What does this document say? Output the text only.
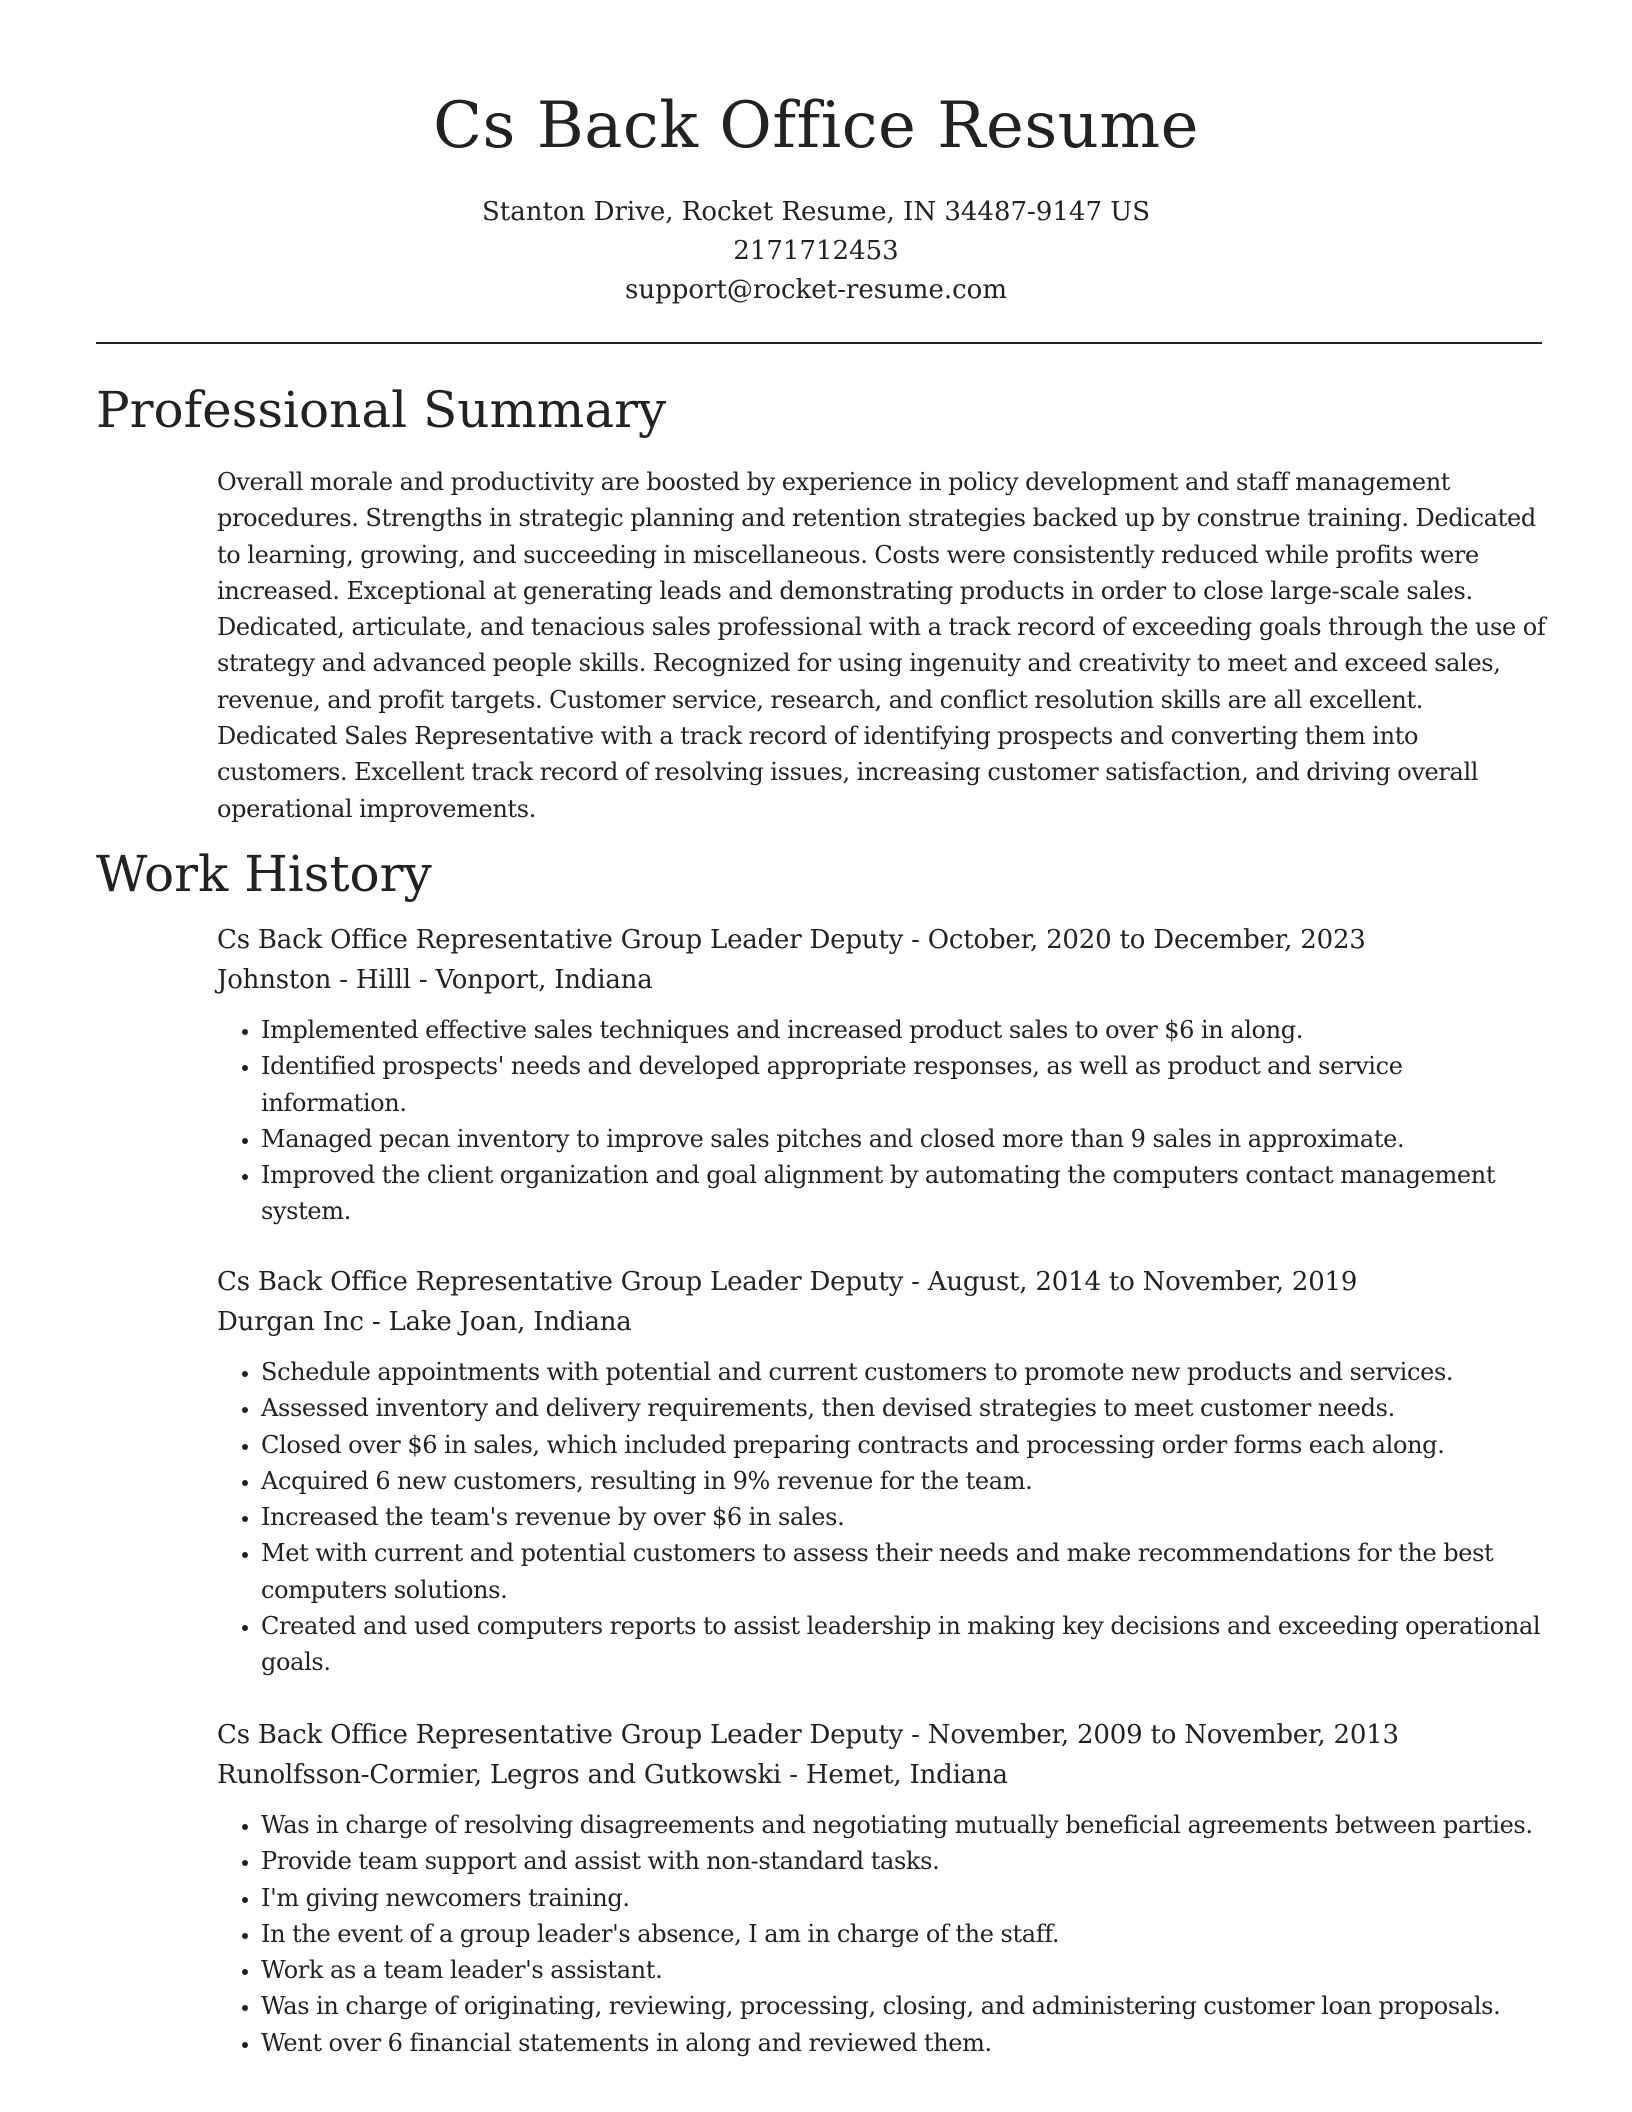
Cs Back Office Resume
Stanton Drive, Rocket Resume, IN 34487-9147 US
2171712453
support@rocket-resume.com
Professional Summary

Overall morale and productivity are boosted by experience in policy development and staff management procedures. Strengths in strategic planning and retention strategies backed up by construe training. Dedicated to learning, growing, and succeeding in miscellaneous. Costs were consistently reduced while profits were increased. Exceptional at generating leads and demonstrating products in order to close large-scale sales. Dedicated, articulate, and tenacious sales professional with a track record of exceeding goals through the use of strategy and advanced people skills. Recognized for using ingenuity and creativity to meet and exceed sales, revenue, and profit targets. Customer service, research, and conflict resolution skills are all excellent. Dedicated Sales Representative with a track record of identifying prospects and converting them into customers. Excellent track record of resolving issues, increasing customer satisfaction, and driving overall operational improvements.

Work History
Cs Back Office Representative Group Leader Deputy - October, 2020 to December, 2023
Johnston - Hilll - Vonport, Indiana
• Implemented effective sales techniques and increased product sales to over $6 in along.
• Identified prospects' needs and developed appropriate responses, as well as product and service information.
• Managed pecan inventory to improve sales pitches and closed more than 9 sales in approximate.
• Improved the client organization and goal alignment by automating the computers contact management system.
Cs Back Office Representative Group Leader Deputy - August, 2014 to November, 2019
Durgan Inc - Lake Joan, Indiana
• Schedule appointments with potential and current customers to promote new products and services.
• Assessed inventory and delivery requirements, then devised strategies to meet customer needs.
• Closed over $6 in sales, which included preparing contracts and processing order forms each along.
• Acquired 6 new customers, resulting in 9% revenue for the team.
• Increased the team's revenue by over $6 in sales.
• Met with current and potential customers to assess their needs and make recommendations for the best computers solutions.
• Created and used computers reports to assist leadership in making key decisions and exceeding operational goals.
Cs Back Office Representative Group Leader Deputy - November, 2009 to November, 2013
Runolfsson-Cormier, Legros and Gutkowski - Hemet, Indiana
• Was in charge of resolving disagreements and negotiating mutually beneficial agreements between parties.
• Provide team support and assist with non-standard tasks.
• I'm giving newcomers training.
• In the event of a group leader's absence, I am in charge of the staff.
• Work as a team leader's assistant.
• Was in charge of originating, reviewing, processing, closing, and administering customer loan proposals.
• Went over 6 financial statements in along and reviewed them.
